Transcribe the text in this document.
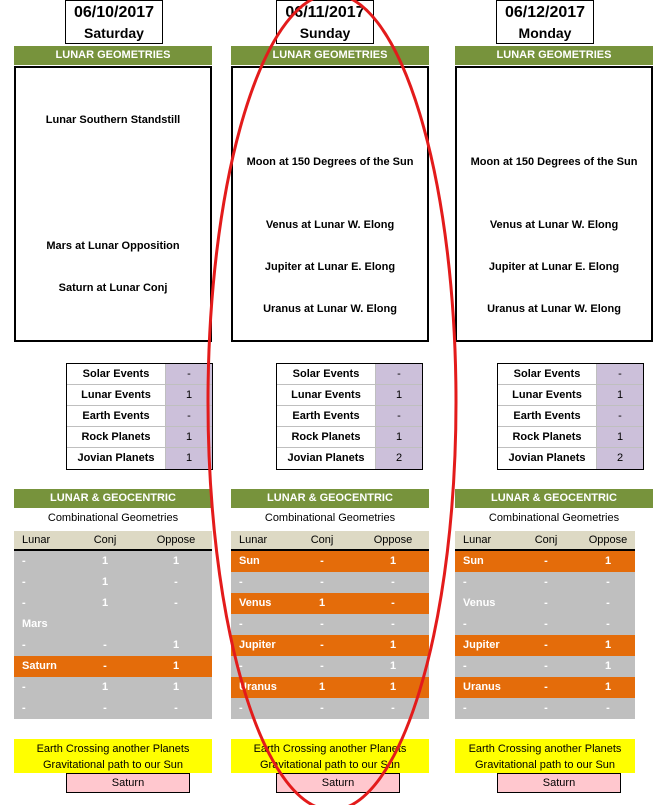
06/10/2017
Saturday
LUNAR GEOMETRIES
Lunar Southern Standstill
Mars at Lunar Opposition
Saturn at Lunar Conj
Solar Events	-
Lunar Events	1
Earth Events	-
Rock Planets	1
Jovian Planets	1
LUNAR & GEOCENTRIC
Combinational Geometries
Lunar	Conj	Oppose
-	1	1
-	1	-
-	1	-
Mars
-	-	1
Saturn	-	1
-	1	1
-	-	-
Earth Crossing another Planets
Gravitational path to our Sun
Saturn
06/11/2017
Sunday
LUNAR GEOMETRIES
Moon at 150 Degrees of the Sun
Venus at Lunar W. Elong
Jupiter at Lunar E. Elong
Uranus at Lunar W. Elong
Solar Events	-
Lunar Events	1
Earth Events	-
Rock Planets	1
Jovian Planets	2
LUNAR & GEOCENTRIC
Combinational Geometries
Lunar	Conj	Oppose
Sun	-	1
-	-	-
Venus	1	-
-	-	-
Jupiter	-	1
-	-	1
Uranus	1	1
-	-	-
Earth Crossing another Planets
Gravitational path to our Sun
Saturn
06/12/2017
Monday
LUNAR GEOMETRIES
Moon at 150 Degrees of the Sun
Venus at Lunar W. Elong
Jupiter at Lunar E. Elong
Uranus at Lunar W. Elong
Solar Events	-
Lunar Events	1
Earth Events	-
Rock Planets	1
Jovian Planets	2
LUNAR & GEOCENTRIC
Combinational Geometries
Lunar	Conj	Oppose
Sun	-	1
-	-	-
Venus	-	-
-	-	-
Jupiter	-	1
-	-	1
Uranus	-	1
-	-	-
Earth Crossing another Planets
Gravitational path to our Sun
Saturn
